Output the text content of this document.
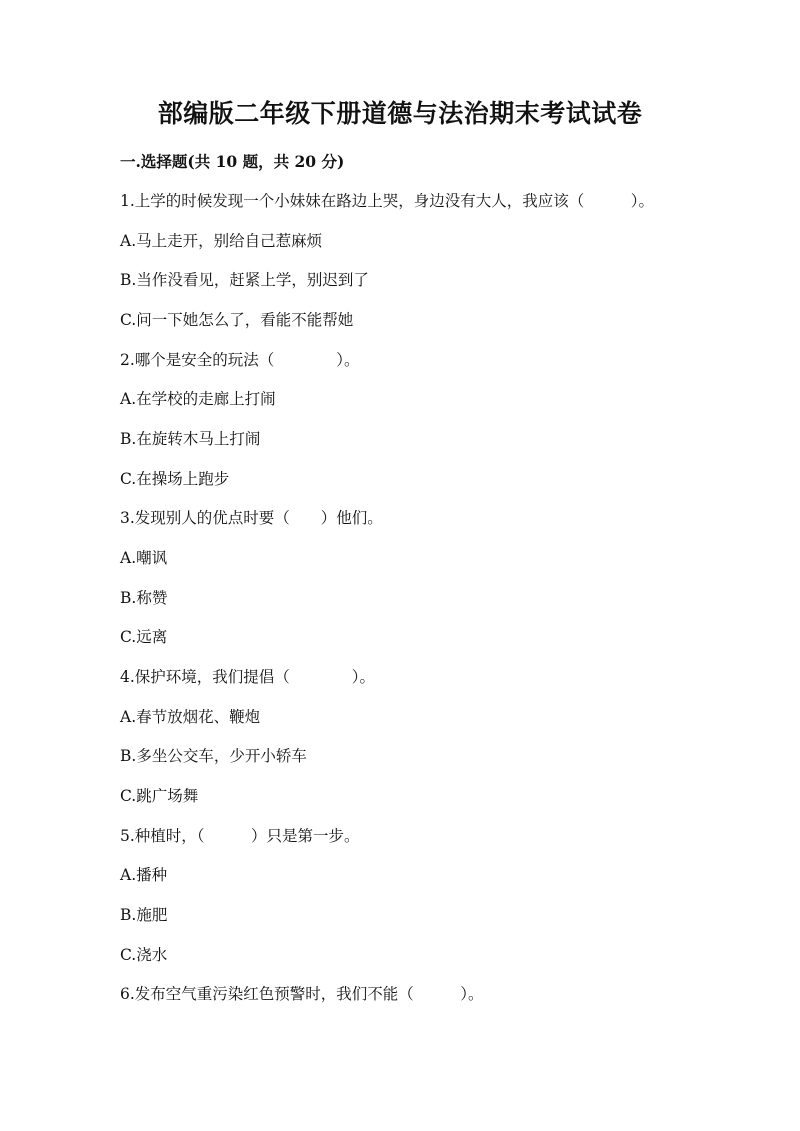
部编版二年级下册道德与法治期末考试试卷
一.选择题(共 10 题，共 20 分)
1.上学的时候发现一个小妹妹在路边上哭，身边没有大人，我应该（　　　）。
A.马上走开，别给自己惹麻烦
B.当作没看见，赶紧上学，别迟到了
C.问一下她怎么了，看能不能帮她
2.哪个是安全的玩法（　　　　）。
A.在学校的走廊上打闹
B.在旋转木马上打闹
C.在操场上跑步
3.发现别人的优点时要（　　）他们。
A.嘲讽
B.称赞
C.远离
4.保护环境，我们提倡（　　　　）。
A.春节放烟花、鞭炮
B.多坐公交车，少开小轿车
C.跳广场舞
5.种植时，（　　　）只是第一步。
A.播种
B.施肥
C.浇水
6.发布空气重污染红色预警时，我们不能（　　　）。
